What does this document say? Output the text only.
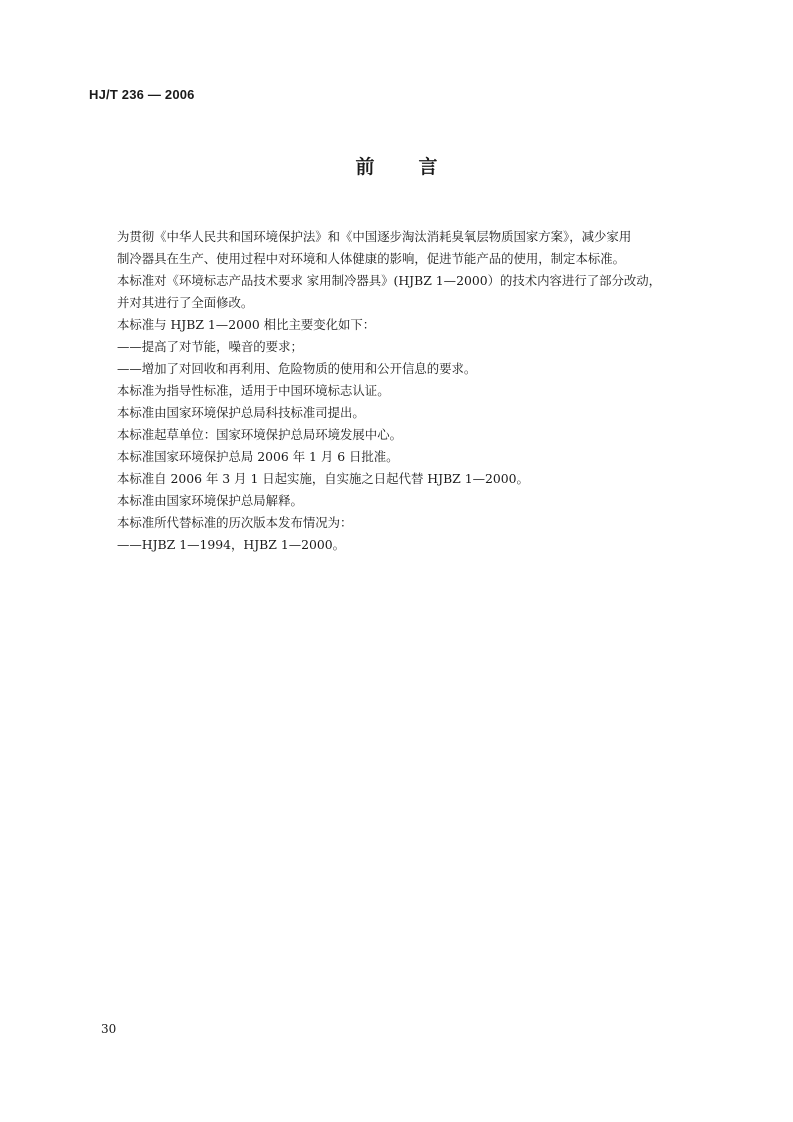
HJ/T 236 — 2006
前 言

为贯彻《中华人民共和国环境保护法》和《中国逐步淘汰消耗臭氧层物质国家方案》，减少家用
制冷器具在生产、使用过程中对环境和人体健康的影响，促进节能产品的使用，制定本标准。

本标准对《环境标志产品技术要求 家用制冷器具》(HJBZ 1—2000）的技术内容进行了部分改动，
并对其进行了全面修改。

本标准与 HJBZ 1—2000 相比主要变化如下：

——提高了对节能，噪音的要求；

——增加了对回收和再利用、危险物质的使用和公开信息的要求。

本标准为指导性标准，适用于中国环境标志认证。

本标准由国家环境保护总局科技标准司提出。

本标准起草单位：国家环境保护总局环境发展中心。

本标准国家环境保护总局 2006 年 1 月 6 日批准。

本标准自 2006 年 3 月 1 日起实施，自实施之日起代替 HJBZ 1—2000。

本标准由国家环境保护总局解释。

本标准所代替标准的历次版本发布情况为：

——HJBZ 1—1994，HJBZ 1—2000。

30
